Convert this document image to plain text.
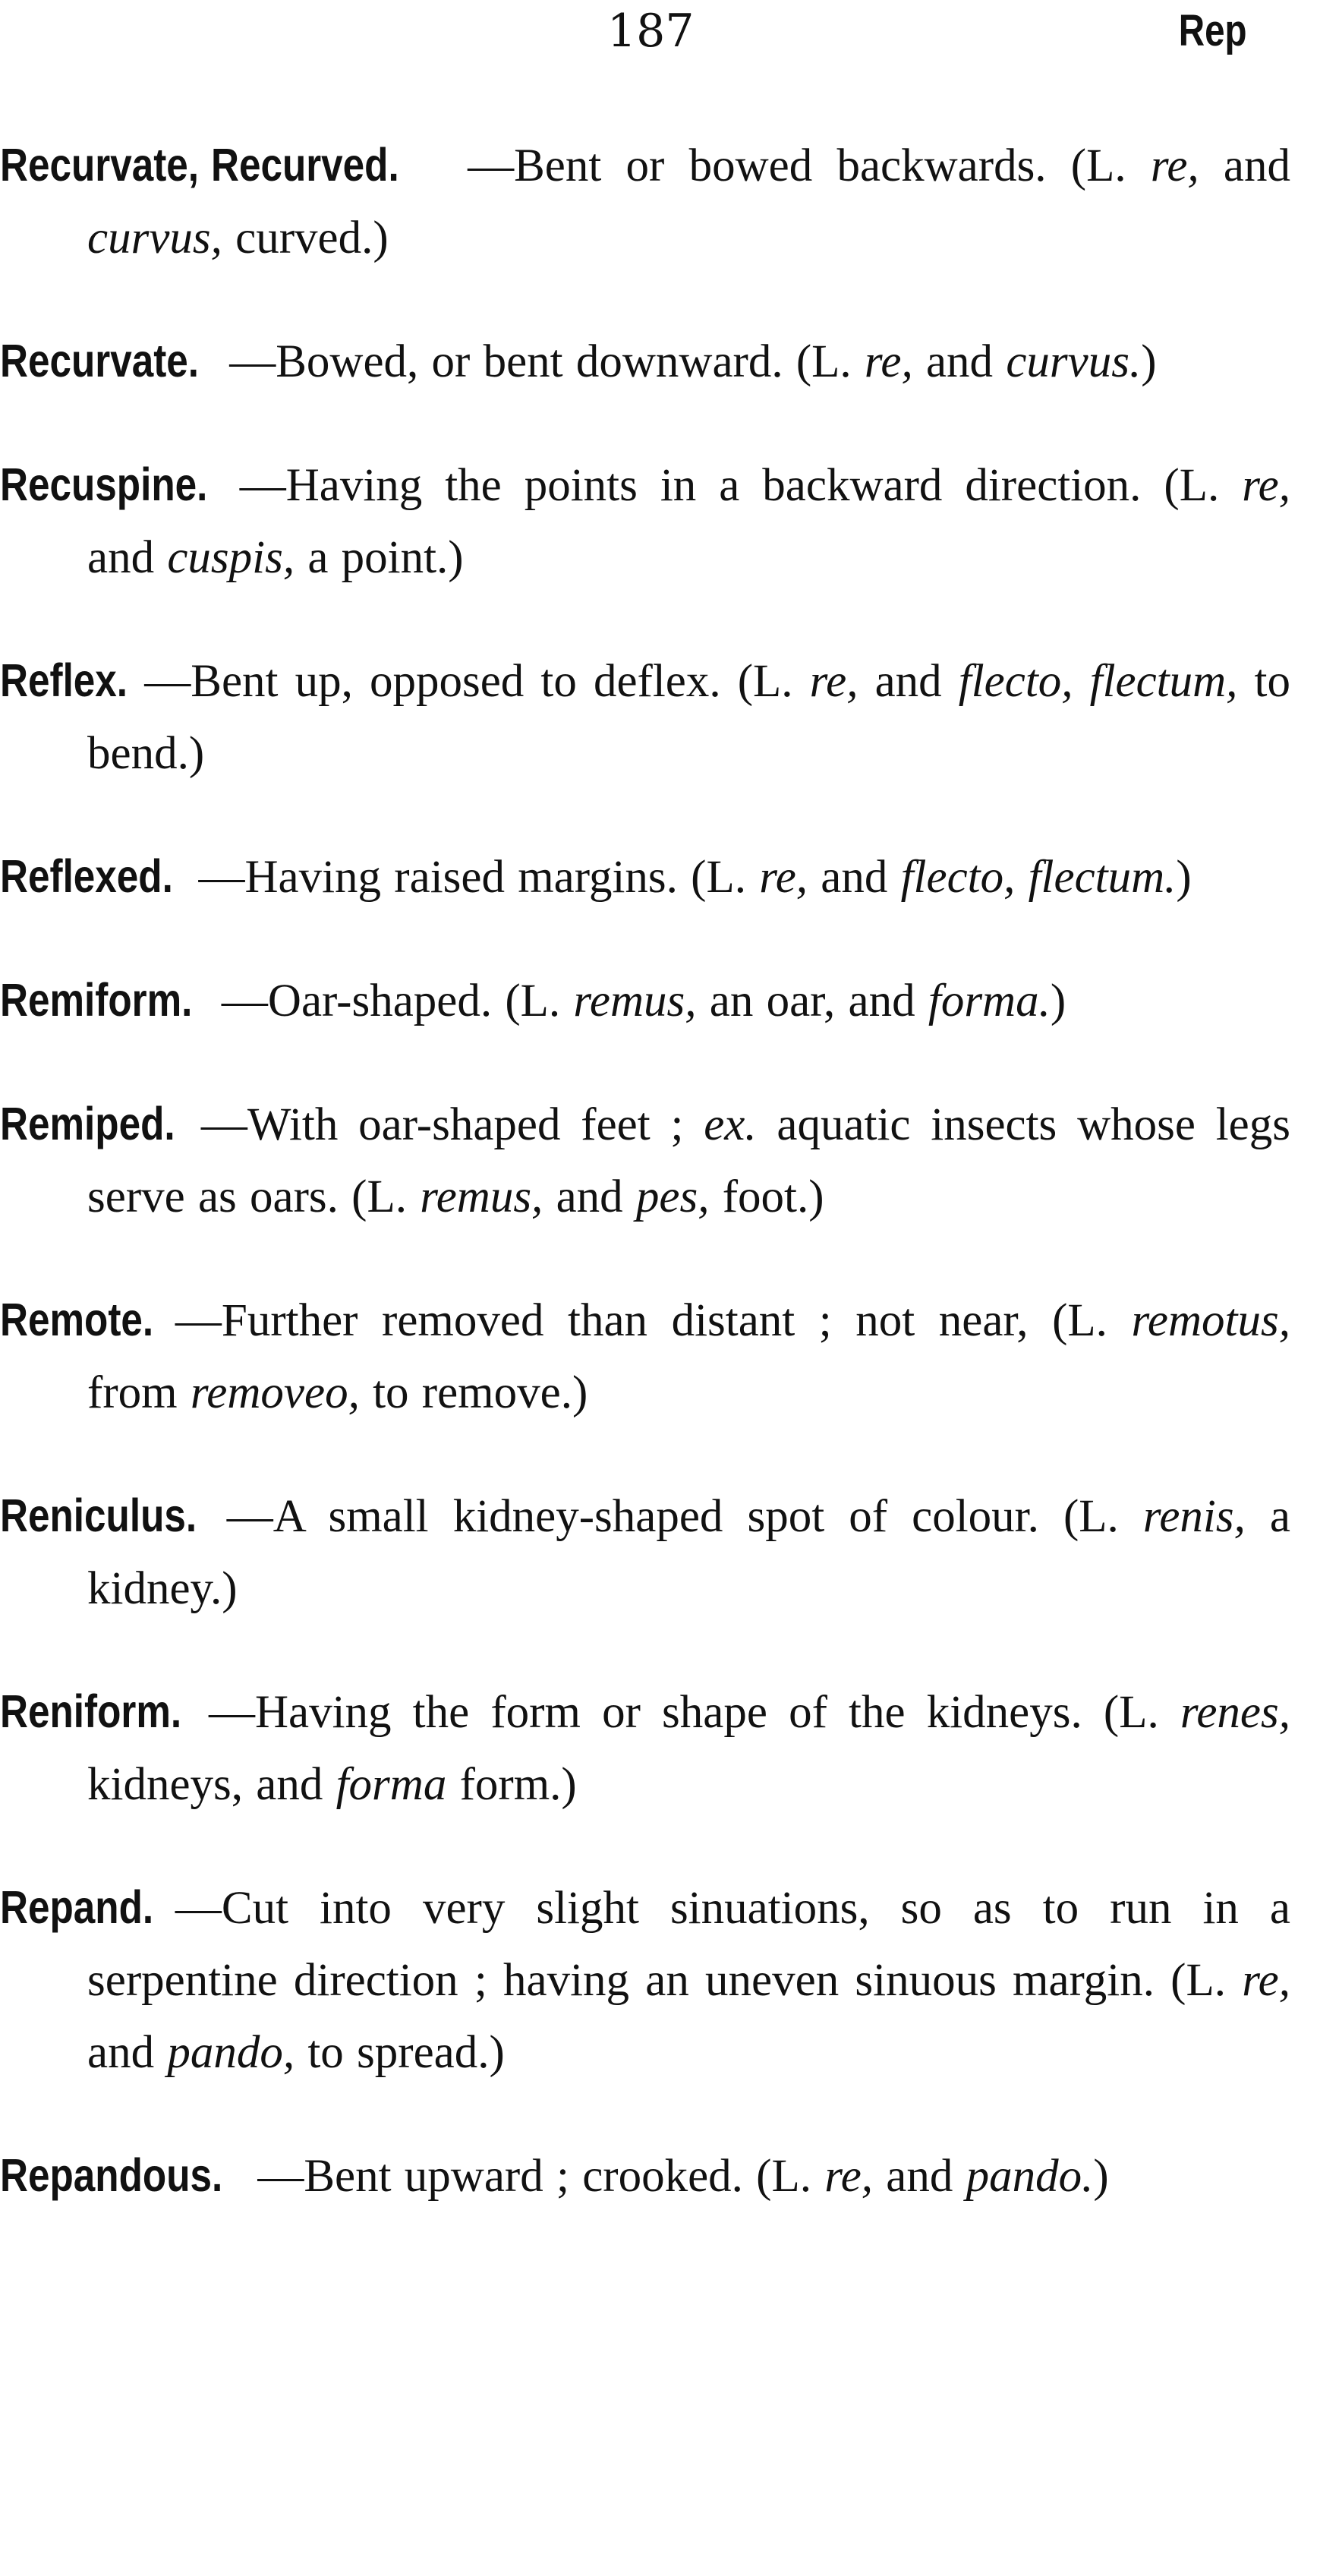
187	Rep

Recurvate, Recurved. —Bent or bowed backwards. (L. re, and curvus, curved.)

Recurvate. —Bowed, or bent downward. (L. re, and curvus.)

Recuspine. —Having the points in a backward direction. (L. re, and cuspis, a point.)

Reflex. —Bent up, opposed to deflex. (L. re, and flecto, flectum, to bend.)

Reflexed. —Having raised margins. (L. re, and flecto, flectum.)

Remiform. —Oar-shaped. (L. remus, an oar, and forma.)

Remiped. —With oar-shaped feet ; ex. aquatic insects whose legs serve as oars. (L. remus, and pes, foot.)

Remote. —Further removed than distant ; not near, (L. remotus, from removeo, to remove.)

Reniculus. —A small kidney-shaped spot of colour. (L. renis, a kidney.)

Reniform. —Having the form or shape of the kidneys. (L. renes, kidneys, and forma form.)

Repand. —Cut into very slight sinuations, so as to run in a serpentine direction ; having an uneven sinuous margin. (L. re, and pando, to spread.)

Repandous. —Bent upward ; crooked. (L. re, and pando.)
